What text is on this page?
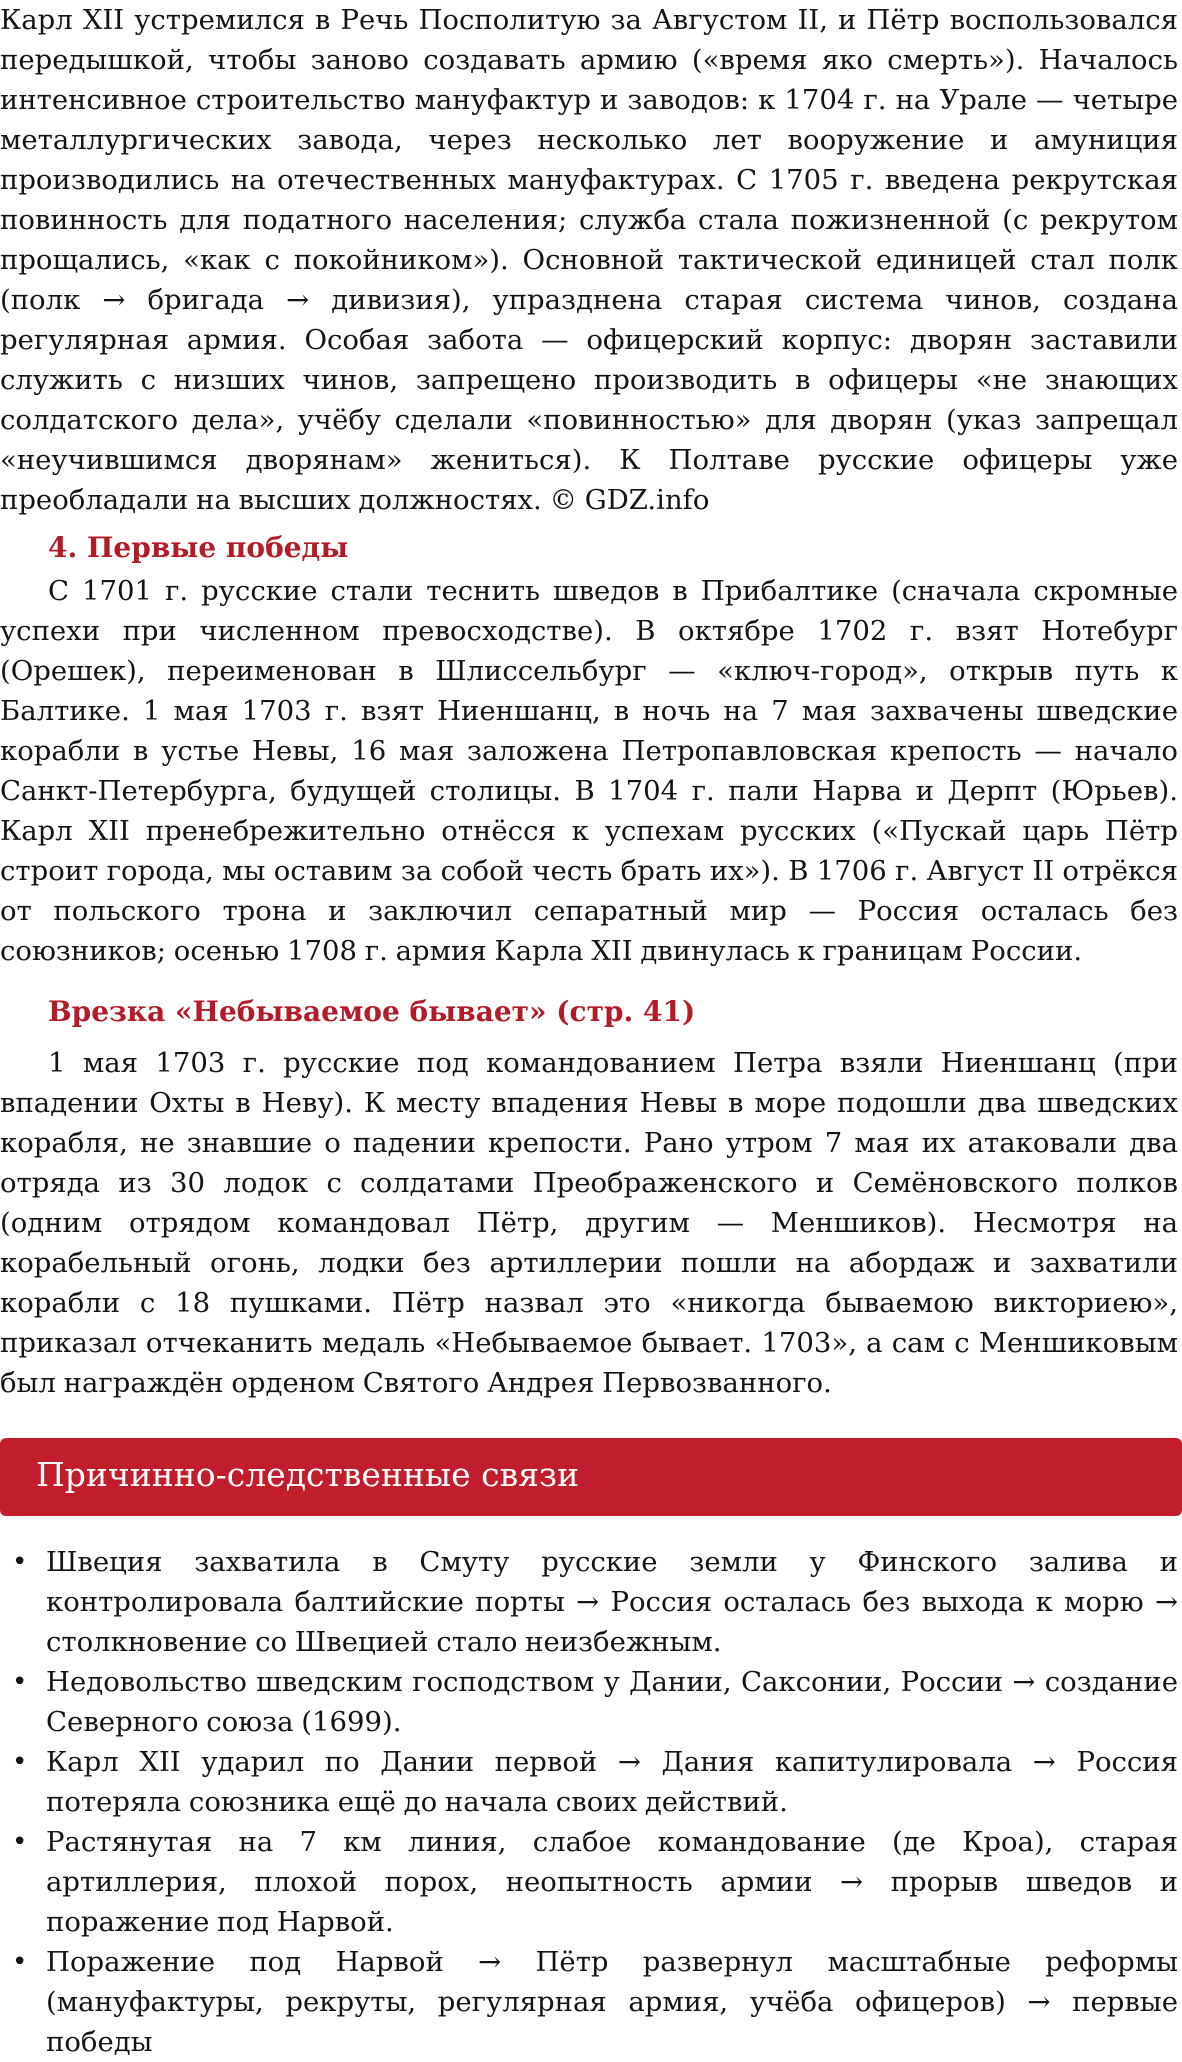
Карл XII устремился в Речь Посполитую за Августом II, и Пётр воспользовался передышкой, чтобы заново создавать армию («время яко смерть»). Началось интенсивное строительство мануфактур и заводов: к 1704 г. на Урале — четыре металлургических завода, через несколько лет вооружение и амуниция производились на отечественных мануфактурах. С 1705 г. введена рекрутская повинность для податного населения; служба стала пожизненной (с рекрутом прощались, «как с покойником»). Основной тактической единицей стал полк (полк → бригада → дивизия), упразднена старая система чинов, создана регулярная армия. Особая забота — офицерский корпус: дворян заставили служить с низших чинов, запрещено производить в офицеры «не знающих солдатского дела», учёбу сделали «повинностью» для дворян (указ запрещал «неучившимся дворянам» жениться). К Полтаве русские офицеры уже преобладали на высших должностях. © GDZ.info

4. Первые победы

С 1701 г. русские стали теснить шведов в Прибалтике (сначала скромные успехи при численном превосходстве). В октябре 1702 г. взят Нотебург (Орешек), переименован в Шлиссельбург — «ключ-город», открыв путь к Балтике. 1 мая 1703 г. взят Ниеншанц, в ночь на 7 мая захвачены шведские корабли в устье Невы, 16 мая заложена Петропавловская крепость — начало Санкт-Петербурга, будущей столицы. В 1704 г. пали Нарва и Дерпт (Юрьев). Карл XII пренебрежительно отнёсся к успехам русских («Пускай царь Пётр строит города, мы оставим за собой честь брать их»). В 1706 г. Август II отрёкся от польского трона и заключил сепаратный мир — Россия осталась без союзников; осенью 1708 г. армия Карла XII двинулась к границам России.

Врезка «Небываемое бывает» (стр. 41)

1 мая 1703 г. русские под командованием Петра взяли Ниеншанц (при впадении Охты в Неву). К месту впадения Невы в море подошли два шведских корабля, не знавшие о падении крепости. Рано утром 7 мая их атаковали два отряда из 30 лодок с солдатами Преображенского и Семёновского полков (одним отрядом командовал Пётр, другим — Меншиков). Несмотря на корабельный огонь, лодки без артиллерии пошли на абордаж и захватили корабли с 18 пушками. Пётр назвал это «никогда бываемою викториею», приказал отчеканить медаль «Небываемое бывает. 1703», а сам с Меншиковым был награждён орденом Святого Андрея Первозванного.

Причинно-следственные связи
• Швеция захватила в Смуту русские земли у Финского залива и контролировала балтийские порты → Россия осталась без выхода к морю → столкновение со Швецией стало неизбежным.
• Недовольство шведским господством у Дании, Саксонии, России → создание Северного союза (1699).
• Карл XII ударил по Дании первой → Дания капитулировала → Россия потеряла союзника ещё до начала своих действий.
• Растянутая на 7 км линия, слабое командование (де Кроа), старая артиллерия, плохой порох, неопытность армии → прорыв шведов и поражение под Нарвой.
• Поражение под Нарвой → Пётр развернул масштабные реформы (мануфактуры, рекруты, регулярная армия, учёба офицеров) → первые победы
